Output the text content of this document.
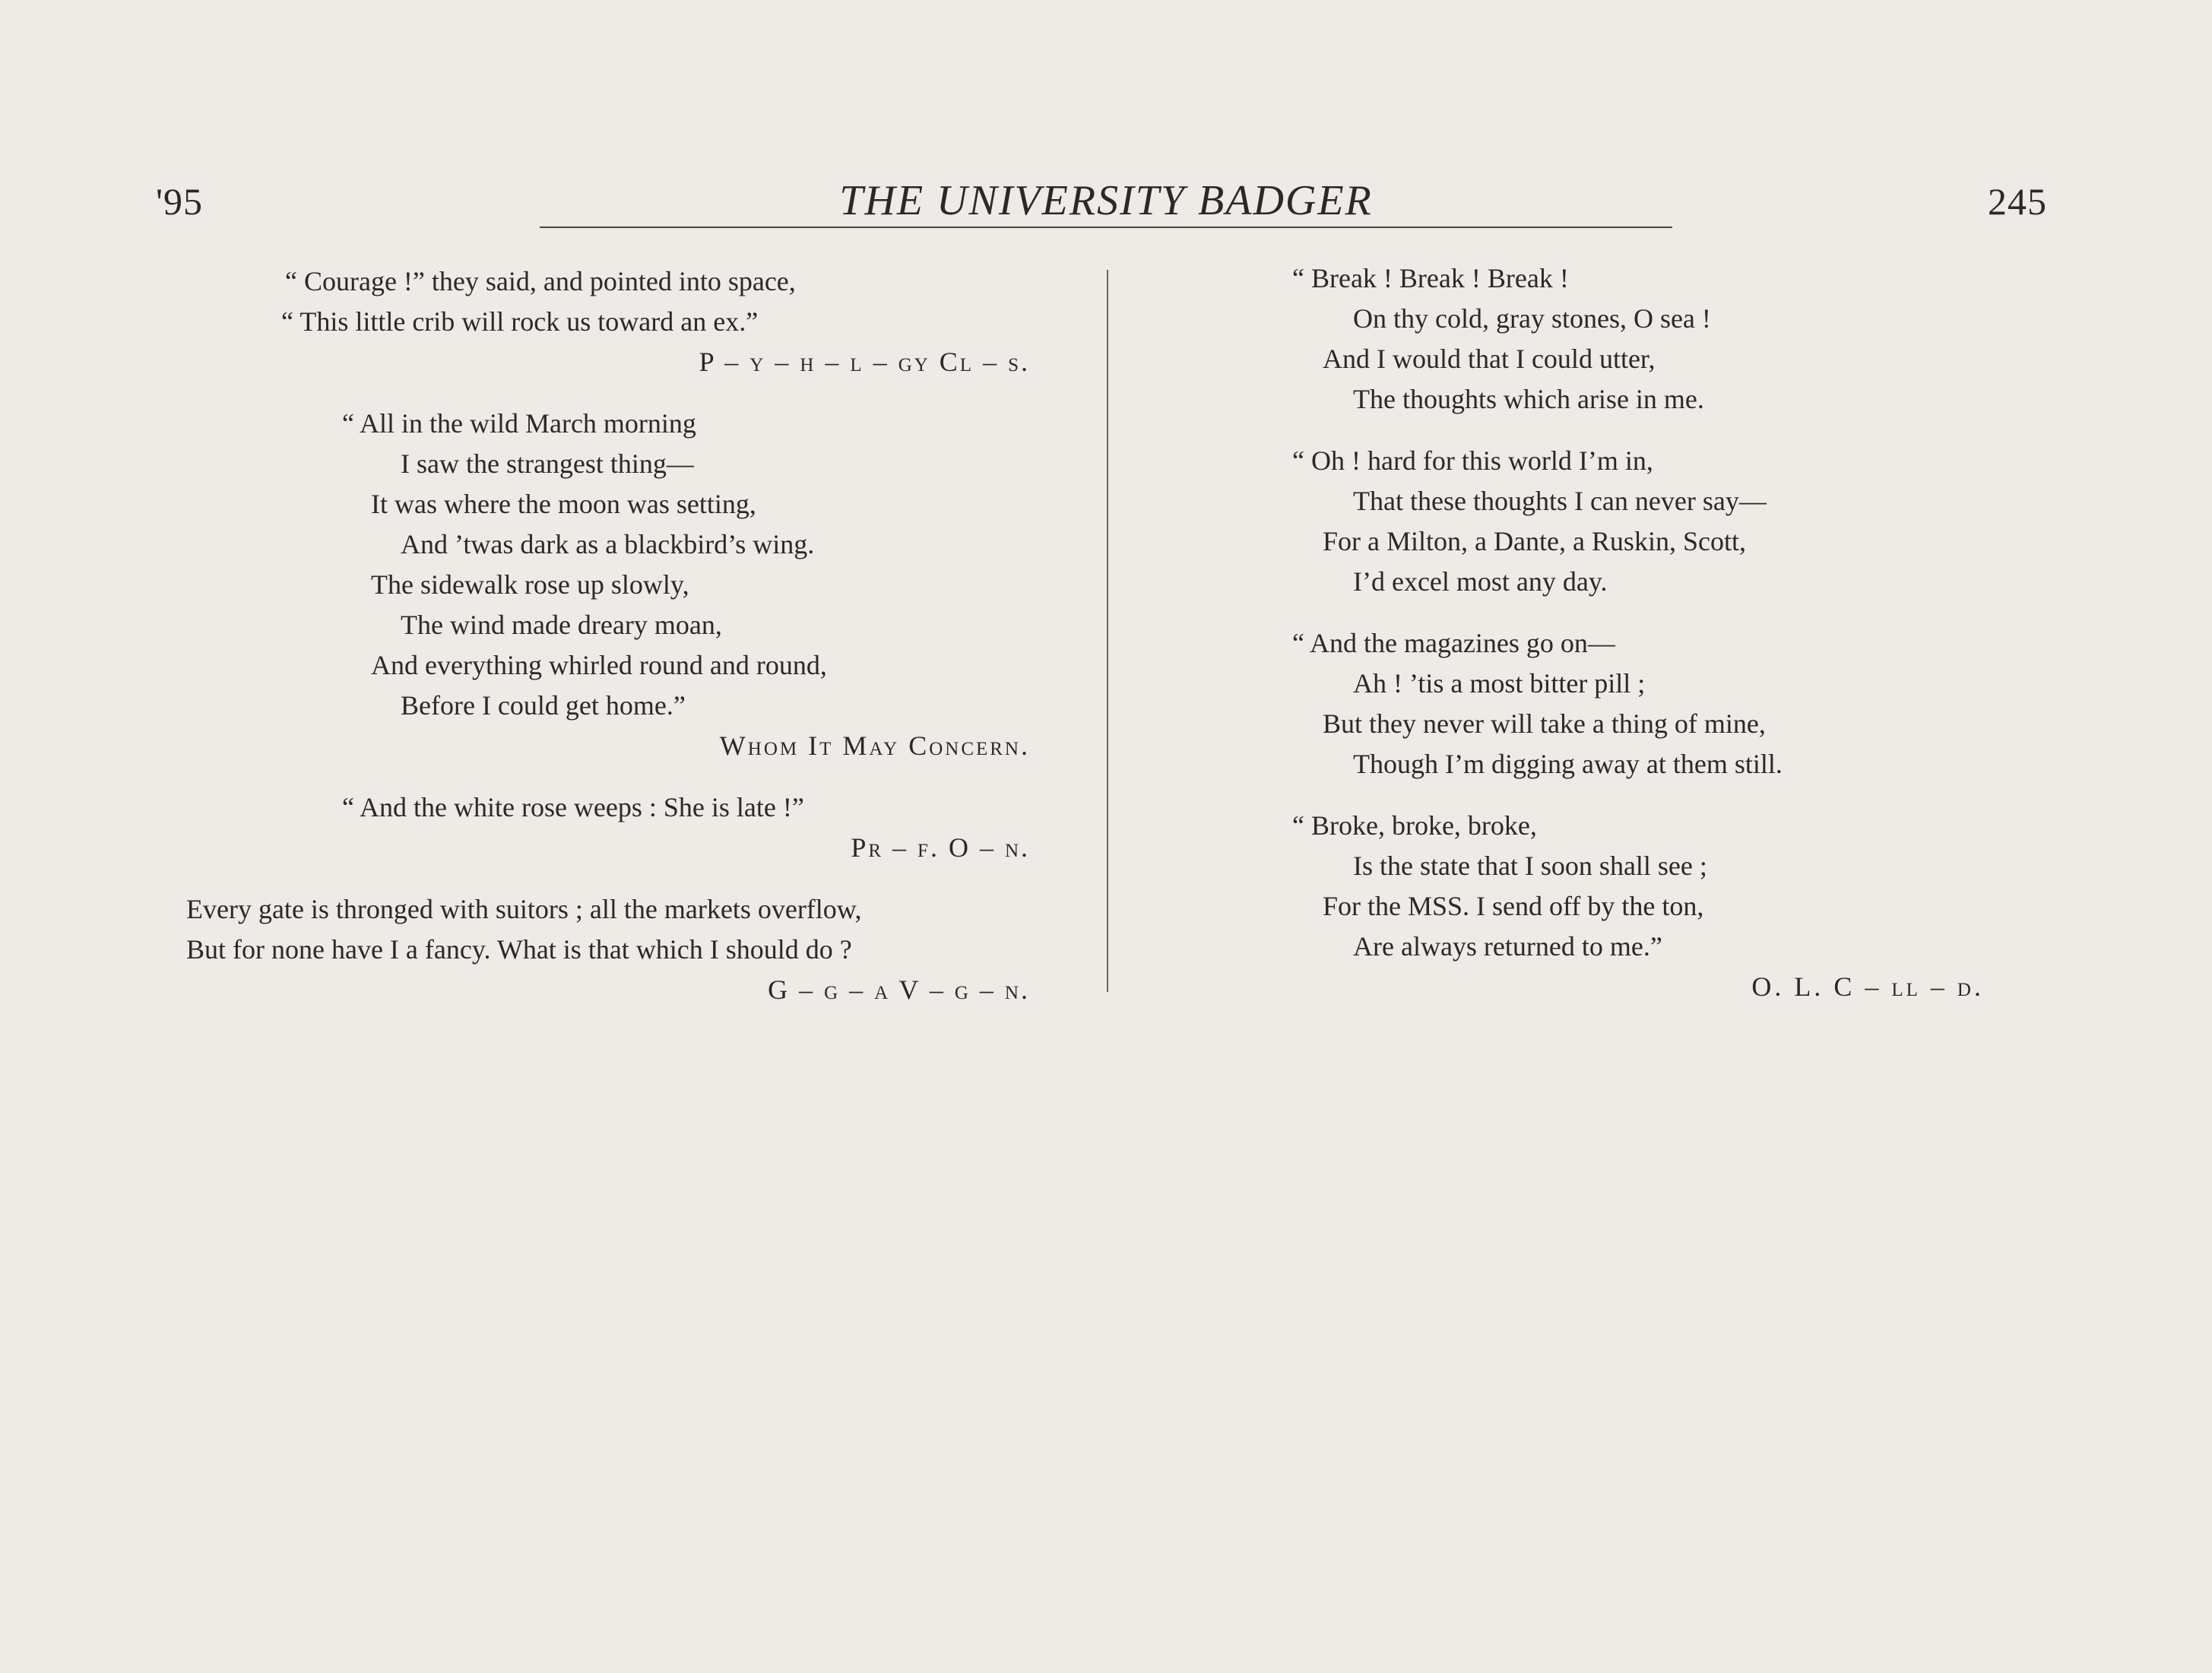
'95	THE UNIVERSITY BADGER	245
“ Courage !” they said, and pointed into space,
“ This little crib will rock us toward an ex.”
P – y – h – l – gy Cl – s.
“ All in the wild March morning
I saw the strangest thing—
It was where the moon was setting,
And ’twas dark as a blackbird’s wing.
The sidewalk rose up slowly,
The wind made dreary moan,
And everything whirled round and round,
Before I could get home.”
Whom It May Concern.
“ And the white rose weeps : She is late !”
Pr – f. O – n.
Every gate is thronged with suitors ; all the markets overflow,
But for none have I a fancy. What is that which I should do ?
G – g – a V – g – n.
“ Break ! Break ! Break !
On thy cold, gray stones, O sea !
And I would that I could utter,
The thoughts which arise in me.
“ Oh ! hard for this world I’m in,
That these thoughts I can never say—
For a Milton, a Dante, a Ruskin, Scott,
I’d excel most any day.
“ And the magazines go on—
Ah ! ’tis a most bitter pill ;
But they never will take a thing of mine,
Though I’m digging away at them still.
“ Broke, broke, broke,
Is the state that I soon shall see ;
For the MSS. I send off by the ton,
Are always returned to me.”
O. L. C – ll – d.
